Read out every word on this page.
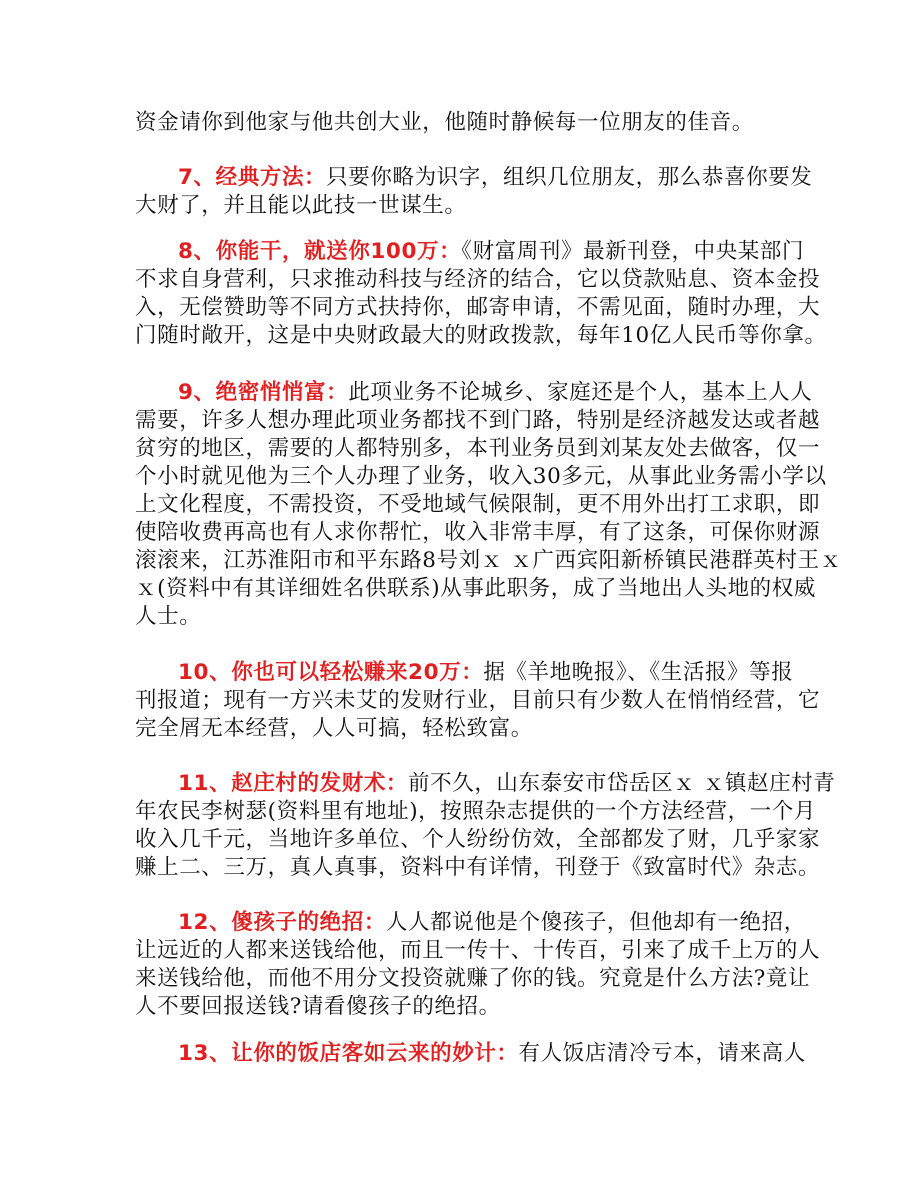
资金请你到他家与他共创大业，他随时静候每一位朋友的佳音。
7、经典方法：只要你略为识字，组织几位朋友，那么恭喜你要发
大财了，并且能以此技一世谋生。
8、你能干，就送你100万：《财富周刊》最新刊登，中央某部门
不求自身营利，只求推动科技与经济的结合，它以贷款贴息、资本金投
入，无偿赞助等不同方式扶持你，邮寄申请，不需见面，随时办理，大
门随时敞开，这是中央财政最大的财政拨款，每年10亿人民币等你拿。
9、绝密悄悄富：此项业务不论城乡、家庭还是个人，基本上人人
需要，许多人想办理此项业务都找不到门路，特别是经济越发达或者越
贫穷的地区，需要的人都特别多，本刊业务员到刘某友处去做客，仅一
个小时就见他为三个人办理了业务，收入30多元，从事此业务需小学以
上文化程度，不需投资，不受地域气候限制，更不用外出打工求职，即
使陪收费再高也有人求你帮忙，收入非常丰厚，有了这条，可保你财源
滚滚来，江苏淮阳市和平东路8号刘ｘ ｘ广西宾阳新桥镇民港群英村王ｘ
ｘ(资料中有其详细姓名供联系)从事此职务，成了当地出人头地的权威
人士。
10、你也可以轻松赚来20万：据《羊地晚报》、《生活报》等报
刊报道；现有一方兴未艾的发财行业，目前只有少数人在悄悄经营，它
完全屑无本经营，人人可搞，轻松致富。
11、赵庄村的发财术：前不久，山东泰安市岱岳区ｘ ｘ镇赵庄村青
年农民李树瑟(资料里有地址)，按照杂志提供的一个方法经营，一个月
收入几千元，当地许多单位、个人纷纷仿效，全部都发了财，几乎家家
赚上二、三万，真人真事，资料中有详情，刊登于《致富时代》杂志。
12、傻孩子的绝招：人人都说他是个傻孩子，但他却有一绝招，
让远近的人都来送钱给他，而且一传十、十传百，引来了成千上万的人
来送钱给他，而他不用分文投资就赚了你的钱。究竟是什么方法?竟让
人不要回报送钱?请看傻孩子的绝招。
13、让你的饭店客如云来的妙计：有人饭店清冷亏本，请来高人
